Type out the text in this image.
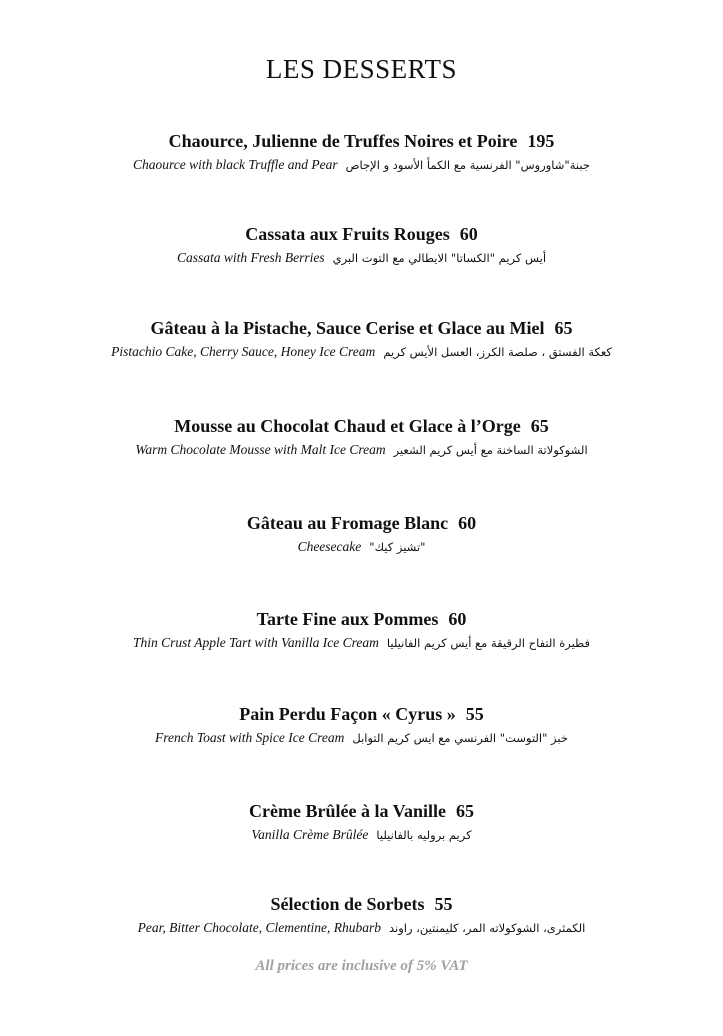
LES DESSERTS
Chaource, Julienne de Truffes Noires et Poire 195
Chaource with black Truffle and Pear جبنة"شاوروس" الفرنسية مع الكمأ الأسود و الإجاص
Cassata aux Fruits Rouges 60
Cassata with Fresh Berries أيس كريم "الكساتا" الايطالي مع التوت البري
Gâteau à la Pistache, Sauce Cerise et Glace au Miel 65
Pistachio Cake, Cherry Sauce, Honey Ice Cream كعكة الفستق ، صلصة الكرز، العسل الأيس كريم
Mousse au Chocolat Chaud et Glace à l’Orge 65
Warm Chocolate Mousse with Malt Ice Cream الشوكولاتة الساخنة مع أيس كريم الشعير
Gâteau au Fromage Blanc 60
Cheesecake "تشيز كيك"
Tarte Fine aux Pommes 60
Thin Crust Apple Tart with Vanilla Ice Cream فطيرة التفاح الرقيقة مع أيس كريم الفانيليا
Pain Perdu Façon « Cyrus » 55
French Toast with Spice Ice Cream خبز "التوست" الفرنسي مع ايس كريم التوابل
Crème Brûlée à la Vanille 65
Vanilla Crème Brûlée كريم بروليه بالفانيليا
Sélection de Sorbets 55
Pear, Bitter Chocolate, Clementine, Rhubarb الكمثرى، الشوكولاته المر، كليمنتين، راوند
All prices are inclusive of 5% VAT
